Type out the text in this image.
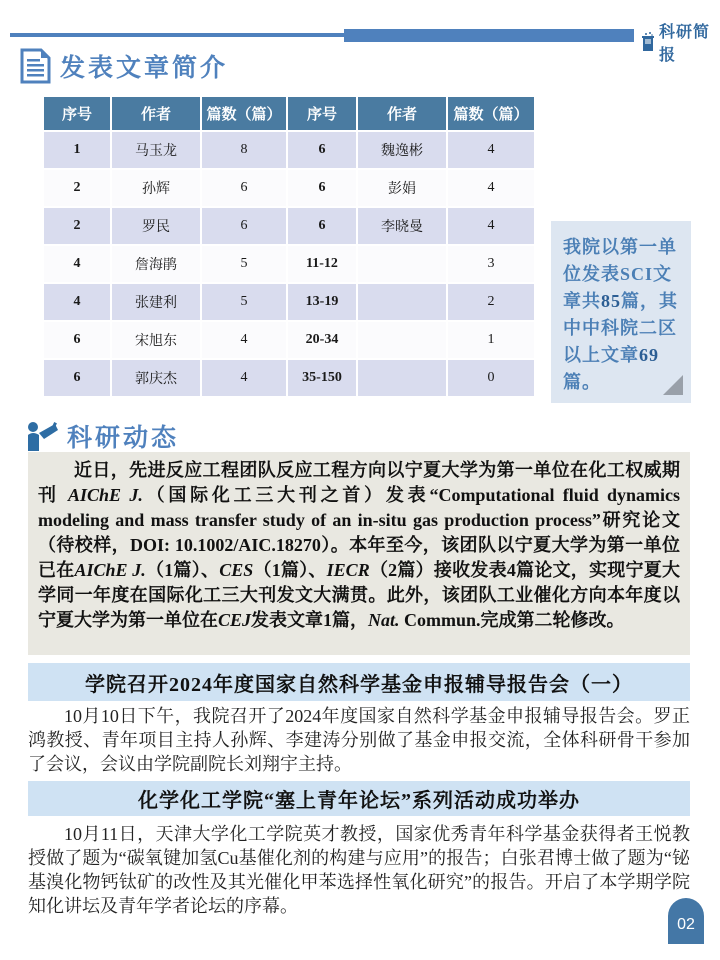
科研简报
发表文章简介
序号	作者	篇数（篇）	序号	作者	篇数（篇）
1	马玉龙	8	6	魏逸彬	4
2	孙辉	6	6	彭娟	4
2	罗民	6	6	李晓曼	4
4	詹海鹃	5	11-12		3
4	张建利	5	13-19		2
6	宋旭东	4	20-34		1
6	郭庆杰	4	35-150		0

我院以第一单位发表SCI文章共85篇，其中中科院二区以上文章69篇。

科研动态

近日，先进反应工程团队反应工程方向以宁夏大学为第一单位在化工权威期刊 AIChE J.（国际化工三大刊之首）发表“Computational fluid dynamics modeling and mass transfer study of an in-situ gas production process”研究论文（待校样，DOI: 10.1002/AIC.18270）。本年至今，该团队以宁夏大学为第一单位已在AIChE J.（1篇）、CES（1篇）、IECR（2篇）接收发表4篇论文，实现宁夏大学同一年度在国际化工三大刊发文大满贯。此外，该团队工业催化方向本年度以宁夏大学为第一单位在CEJ发表文章1篇，Nat. Commun.完成第二轮修改。

学院召开2024年度国家自然科学基金申报辅导报告会（一）

10月10日下午，我院召开了2024年度国家自然科学基金申报辅导报告会。罗正鸿教授、青年项目主持人孙辉、李建涛分别做了基金申报交流，全体科研骨干参加了会议，会议由学院副院长刘翔宇主持。

化学化工学院“塞上青年论坛”系列活动成功举办

10月11日，天津大学化工学院英才教授，国家优秀青年科学基金获得者王悦教授做了题为“碳氧键加氢Cu基催化剂的构建与应用”的报告；白张君博士做了题为“铋基溴化物钙钛矿的改性及其光催化甲苯选择性氧化研究”的报告。开启了本学期学院知化讲坛及青年学者论坛的序幕。

02
